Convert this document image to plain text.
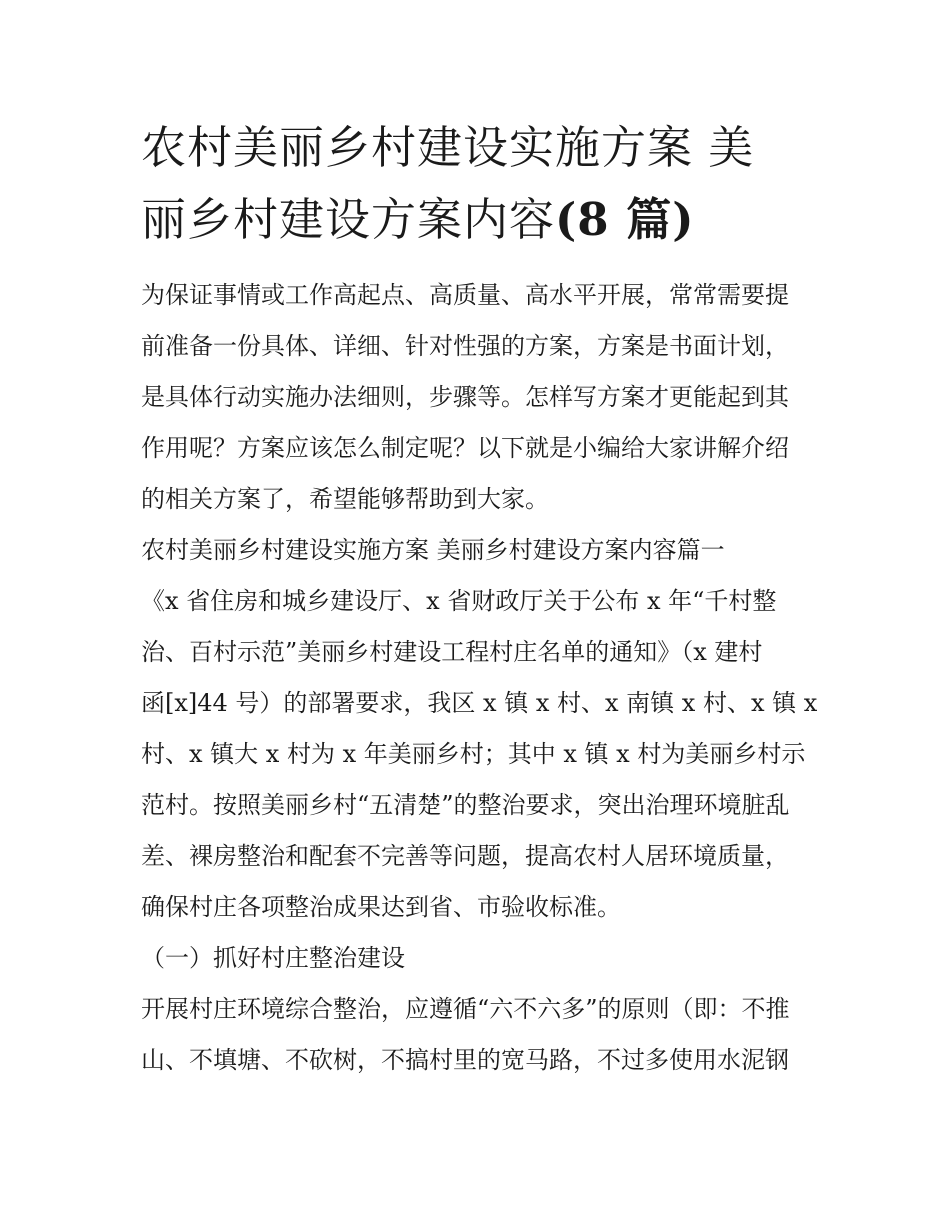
农村美丽乡村建设实施方案 美
丽乡村建设方案内容(8 篇)

为保证事情或工作高起点、高质量、高水平开展，常常需要提
前准备一份具体、详细、针对性强的方案，方案是书面计划，
是具体行动实施办法细则，步骤等。怎样写方案才更能起到其
作用呢？方案应该怎么制定呢？以下就是小编给大家讲解介绍
的相关方案了，希望能够帮助到大家。

农村美丽乡村建设实施方案 美丽乡村建设方案内容篇一

《x 省住房和城乡建设厅、x 省财政厅关于公布 x 年“千村整
治、百村示范”美丽乡村建设工程村庄名单的通知》（x 建村
函[x]44 号）的部署要求，我区 x 镇 x 村、x 南镇 x 村、x 镇 x
村、x 镇大 x 村为 x 年美丽乡村；其中 x 镇 x 村为美丽乡村示
范村。按照美丽乡村“五清楚”的整治要求，突出治理环境脏乱
差、裸房整治和配套不完善等问题，提高农村人居环境质量，
确保村庄各项整治成果达到省、市验收标准。

（一）抓好村庄整治建设

开展村庄环境综合整治，应遵循“六不六多”的原则（即：不推
山、不填塘、不砍树，不搞村里的宽马路，不过多使用水泥钢
